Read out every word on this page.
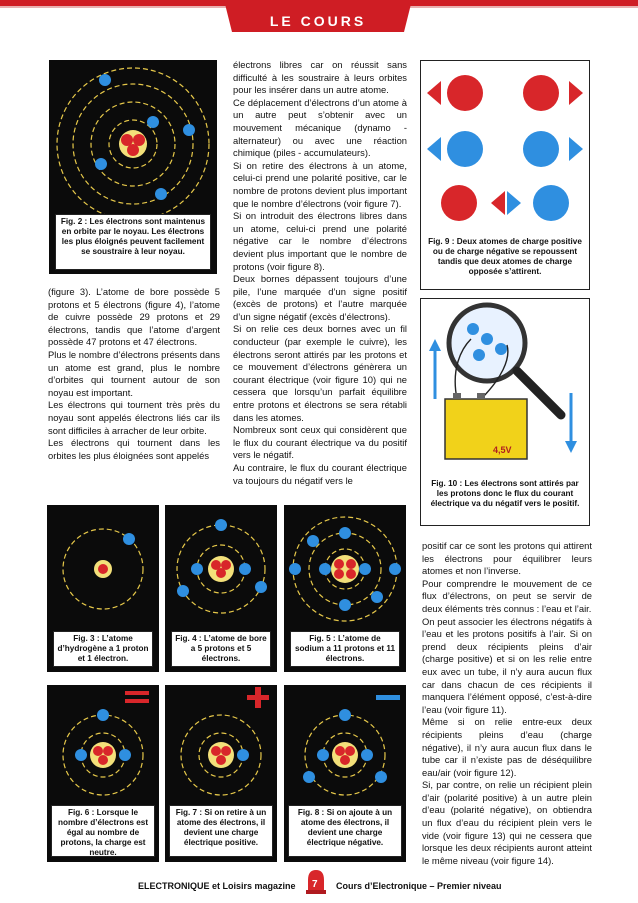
LE COURS
Fig. 2 : Les électrons sont maintenus en orbite par le noyau. Les électrons les plus éloignés peuvent facilement se soustraire à leur noyau.

(figure 3). L’atome de bore possède 5 protons et 5 électrons (figure 4), l’atome de cuivre possède 29 protons et 29 électrons, tandis que l’atome d’argent possède 47 protons et 47 électrons.

Plus le nombre d’électrons présents dans un atome est grand, plus le nombre d’orbites qui tournent autour de son noyau est important.

Les électrons qui tournent très près du noyau sont appelés électrons liés car ils sont difficiles à arracher de leur orbite.

Les électrons qui tournent dans les orbites les plus éloignées sont appelés

électrons libres car on réussit sans difficulté à les soustraire à leurs orbites pour les insérer dans un autre atome.

Ce déplacement d’électrons d’un atome à un autre peut s’obtenir avec un mouvement mécanique (dynamo - alternateur) ou avec une réaction chimique (piles - accumulateurs).

Si on retire des électrons à un atome, celui-ci prend une polarité positive, car le nombre de protons devient plus important que le nombre d’électrons (voir figure 7).

Si on introduit des électrons libres dans un atome, celui-ci prend une polarité négative car le nombre d’électrons devient plus important que le nombre de protons (voir figure 8).

Deux bornes dépassent toujours d’une pile, l’une marquée d’un signe positif (excès de protons) et l’autre marquée d’un signe négatif (excès d’électrons).

Si on relie ces deux bornes avec un fil conducteur (par exemple le cuivre), les électrons seront attirés par les protons et ce mouvement d’électrons génèrera un courant électrique (voir figure 10) qui ne cessera que lorsqu’un parfait équilibre entre protons et électrons se sera rétabli dans les atomes.

Nombreux sont ceux qui considèrent que le flux du courant électrique va du positif vers le négatif.

Au contraire, le flux du courant électrique va toujours du négatif vers le

Fig. 9 : Deux atomes de charge positive ou de charge négative se repoussent tandis que deux atomes de charge opposée s’attirent.
4,5V
Fig. 10 : Les électrons sont attirés par les protons donc le flux du courant électrique va du négatif vers le positif.
Fig. 3 : L’atome d’hydrogène a 1 proton et 1 électron.
Fig. 4 : L’atome de bore a 5 protons et 5 électrons.
Fig. 5 : L’atome de sodium a 11 protons et 11 électrons.
Fig. 6 : Lorsque le nombre d’électrons est égal au nombre de protons, la charge est neutre.
Fig. 7 : Si on retire à un atome des électrons, il devient une charge électrique positive.
Fig. 8 : Si on ajoute à un atome des électrons, il devient une charge électrique négative.

positif car ce sont les protons qui attirent les électrons pour équilibrer leurs atomes et non l’inverse.

Pour comprendre le mouvement de ce flux d’électrons, on peut se servir de deux éléments très connus : l’eau et l’air.

On peut associer les électrons négatifs à l’eau et les protons positifs à l’air. Si on prend deux récipients pleins d’air (charge positive) et si on les relie entre eux avec un tube, il n’y aura aucun flux car dans chacun de ces récipients il manquera l’élément opposé, c’est-à-dire l’eau (voir figure 11).

Même si on relie entre-eux deux récipients pleins d’eau (charge négative), il n’y aura aucun flux dans le tube car il n’existe pas de déséquilibre eau/air (voir figure 12).

Si, par contre, on relie un récipient plein d’air (polarité positive) à un autre plein d’eau (polarité négative), on obtiendra un flux d’eau du récipient plein vers le vide (voir figure 13) qui ne cessera que lorsque les deux récipients auront atteint le même niveau (voir figure 14).

ELECTRONIQUE et Loisirs magazine 7 Cours d’Electronique – Premier niveau
